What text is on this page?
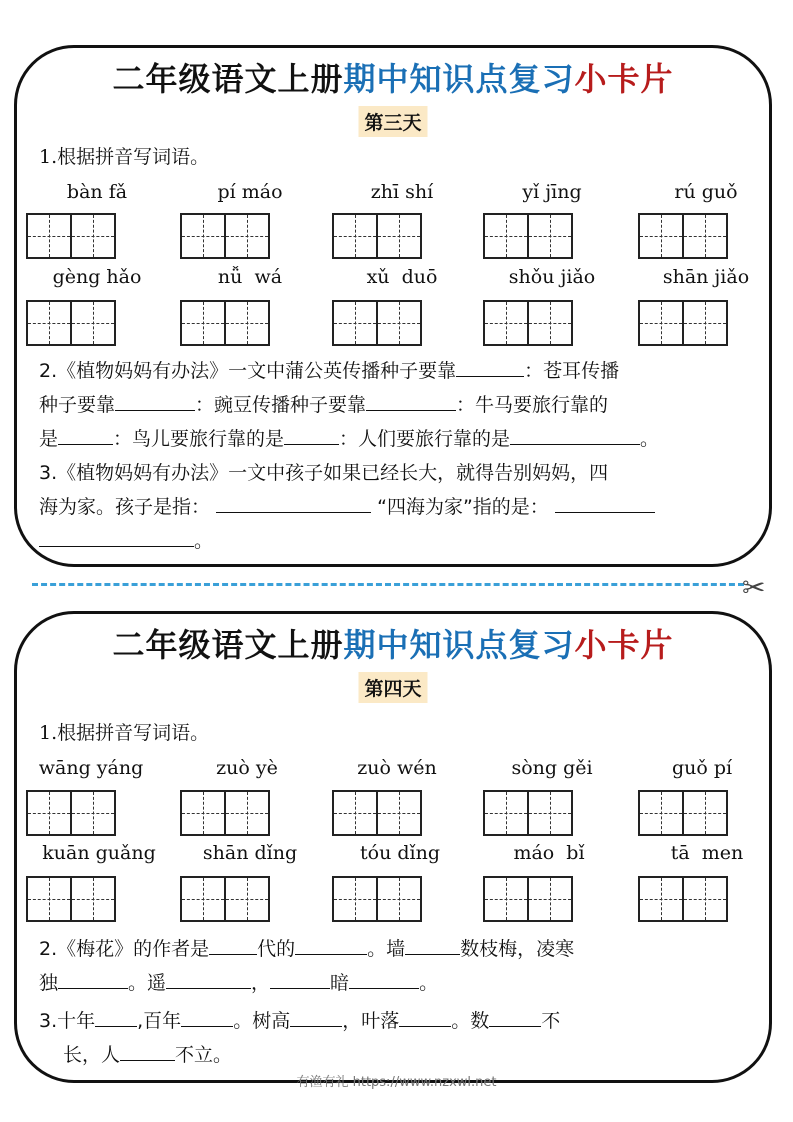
二年级语文上册期中知识点复习小卡片
第三天
1.根据拼音写词语。
bàn fǎ	pí máo	zhī shí	yǐ jīng	rú guǒ
gèng hǎo	nǚ  wá	xǔ  duō	shǒu jiǎo	shān jiǎo
2.《植物妈妈有办法》一文中蒲公英传播种子要靠	：苍耳传播
种子要靠	：豌豆传播种子要靠	：牛马要旅行靠的
是	：鸟儿要旅行靠的是	：人们要旅行靠的是	。
3.《植物妈妈有办法》一文中孩子如果已经长大，就得告别妈妈，四
海为家。孩子是指：	“四海为家”指的是：
。
✂
二年级语文上册期中知识点复习小卡片
第四天
1.根据拼音写词语。
wāng yáng	zuò yè	zuò wén	sòng gěi	guǒ pí
kuān guǎng	shān dǐng	tóu dǐng	máo  bǐ	tā  men
2.《梅花》的作者是	代的	。墙	数枝梅，凌寒
独	。遥	，	暗	。
3.十年 ,百年	。树高	，叶落	。数	不
长，人	不立。
有渔有礼 https://www.nzxwl.net
